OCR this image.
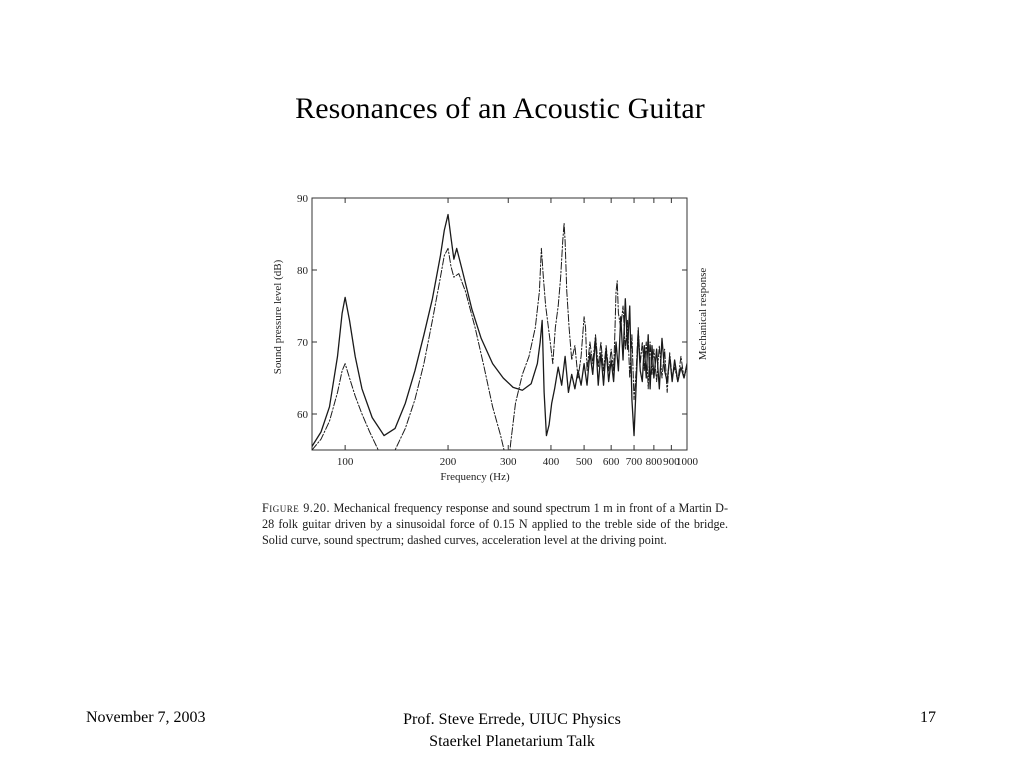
Resonances of an Acoustic Guitar
100	200	300 400 500 600 700 800 900
1000
60
70
80
90
Frequency (Hz)
Sound pressure level (dB)	Mechanical response
Figure 9.20. Mechanical frequency response and sound spectrum 1 m in front of a Martin D-28 folk guitar driven by a sinusoidal force of 0.15 N applied to the treble side of the bridge. Solid curve, sound spectrum; dashed curves, acceleration level at the driving point.
November 7, 2003	Prof. Steve Errede, UIUC Physics
Staerkel Planetarium Talk
17
